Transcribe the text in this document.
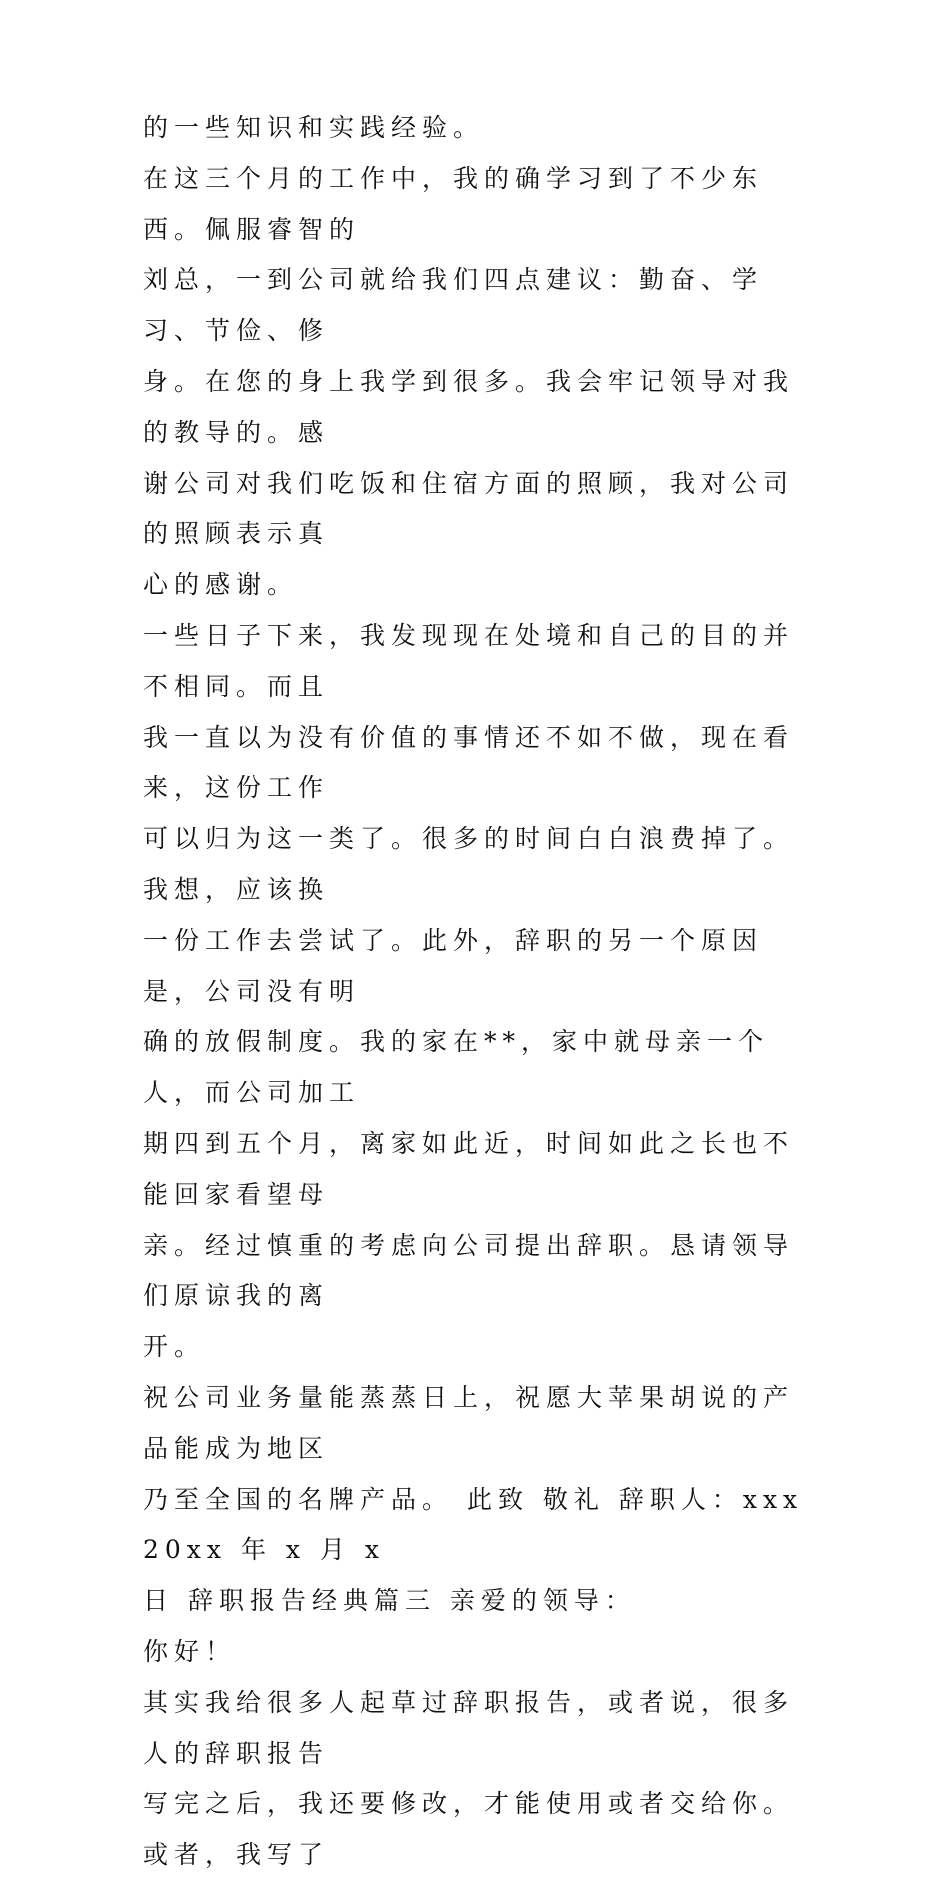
的一些知识和实践经验。
在这三个月的工作中，我的确学习到了不少东西。佩服睿智的
刘总，一到公司就给我们四点建议：勤奋、学习、节俭、修
身。在您的身上我学到很多。我会牢记领导对我的教导的。感
谢公司对我们吃饭和住宿方面的照顾，我对公司的照顾表示真
心的感谢。
一些日子下来，我发现现在处境和自己的目的并不相同。而且
我一直以为没有价值的事情还不如不做，现在看来，这份工作
可以归为这一类了。很多的时间白白浪费掉了。我想，应该换
一份工作去尝试了。此外，辞职的另一个原因是，公司没有明
确的放假制度。我的家在**，家中就母亲一个人，而公司加工
期四到五个月，离家如此近，时间如此之长也不能回家看望母
亲。经过慎重的考虑向公司提出辞职。恳请领导们原谅我的离
开。
祝公司业务量能蒸蒸日上，祝愿大苹果胡说的产品能成为地区
乃至全国的名牌产品。 此致 敬礼 辞职人：xxx 20xx 年 x 月 x
日 辞职报告经典篇三 亲爱的领导：
你好！
其实我给很多人起草过辞职报告，或者说，很多人的辞职报告
写完之后，我还要修改，才能使用或者交给你。或者，我写了
